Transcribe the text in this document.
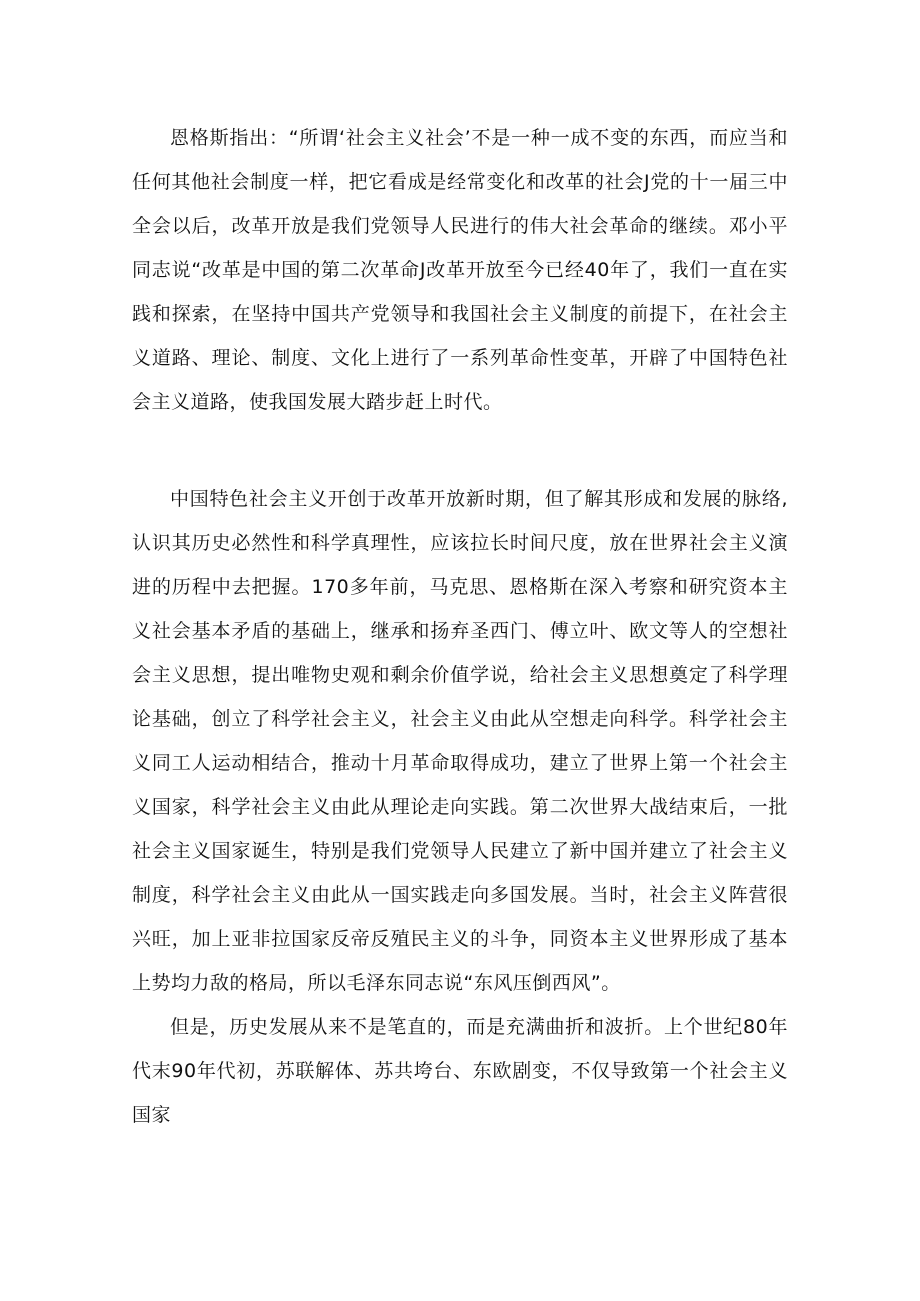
恩格斯指出：“所谓‘社会主义社会’不是一种一成不变的东西，而应当和任何其他社会制度一样，把它看成是经常变化和改革的社会J党的十一届三中全会以后，改革开放是我们党领导人民进行的伟大社会革命的继续。邓小平同志说“改革是中国的第二次革命J改革开放至今已经40年了，我们一直在实践和探索，在坚持中国共产党领导和我国社会主义制度的前提下，在社会主义道路、理论、制度、文化上进行了一系列革命性变革，开辟了中国特色社会主义道路，使我国发展大踏步赶上时代。

中国特色社会主义开创于改革开放新时期，但了解其形成和发展的脉络,认识其历史必然性和科学真理性，应该拉长时间尺度，放在世界社会主义演进的历程中去把握。170多年前，马克思、恩格斯在深入考察和研究资本主义社会基本矛盾的基础上，继承和扬弃圣西门、傅立叶、欧文等人的空想社会主义思想，提出唯物史观和剩余价值学说，给社会主义思想奠定了科学理论基础，创立了科学社会主义，社会主义由此从空想走向科学。科学社会主义同工人运动相结合，推动十月革命取得成功，建立了世界上第一个社会主义国家，科学社会主义由此从理论走向实践。第二次世界大战结束后，一批社会主义国家诞生，特别是我们党领导人民建立了新中国并建立了社会主义制度，科学社会主义由此从一国实践走向多国发展。当时，社会主义阵营很兴旺，加上亚非拉国家反帝反殖民主义的斗争，同资本主义世界形成了基本上势均力敌的格局，所以毛泽东同志说“东风压倒西风”。

但是，历史发展从来不是笔直的，而是充满曲折和波折。上个世纪80年代末90年代初，苏联解体、苏共垮台、东欧剧变，不仅导致第一个社会主义国家
